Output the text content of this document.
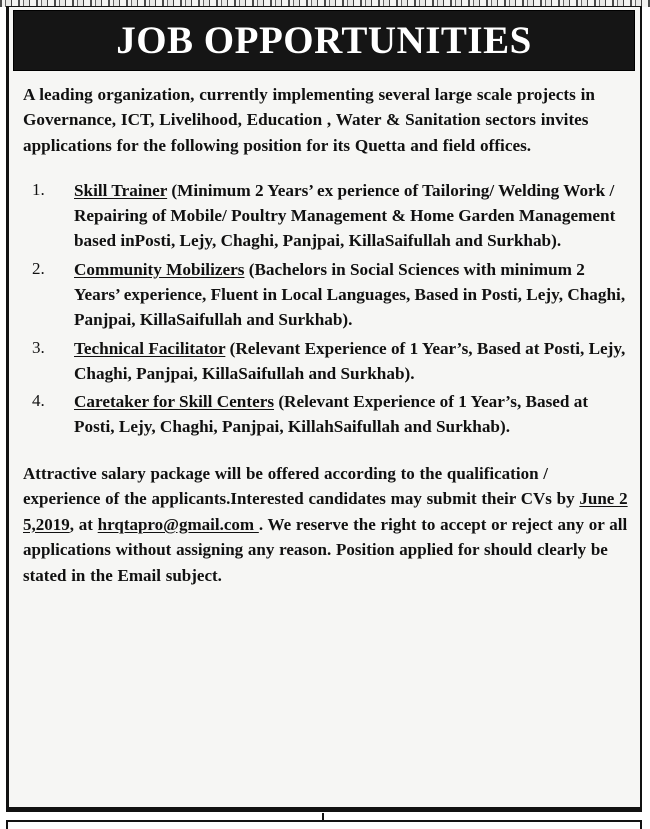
JOB OPPORTUNITIES

A leading organization, currently implementing several large scale projects in Governance, ICT, Livelihood, Education , Water & Sanitation sectors invites applications for the following position for its Quetta and field offices.

1. Skill Trainer (Minimum 2 Years’ ex perience of Tailoring/ Welding Work / Repairing of Mobile/ Poultry Management & Home Garden Management based inPosti, Lejy, Chaghi, Panjpai, KillaSaifullah and Surkhab).
2. Community Mobilizers (Bachelors in Social Sciences with minimum 2 Years’ experience, Fluent in Local Languages, Based in Posti, Lejy, Chaghi, Panjpai, KillaSaifullah and Surkhab).
3. Technical Facilitator (Relevant Experience of 1 Year’s, Based at Posti, Lejy, Chaghi, Panjpai, KillaSaifullah and Surkhab).
4. Caretaker for Skill Centers (Relevant Experience of 1 Year’s, Based at Posti, Lejy, Chaghi, Panjpai, KillahSaifullah and Surkhab).

Attractive salary package will be offered according to the qualification / experience of the applicants.Interested candidates may submit their CVs by June 2 5,2019, at hrqtapro@gmail.com . We reserve the right to accept or reject any or all applications without assigning any reason. Position applied for should clearly be stated in the Email subject.
